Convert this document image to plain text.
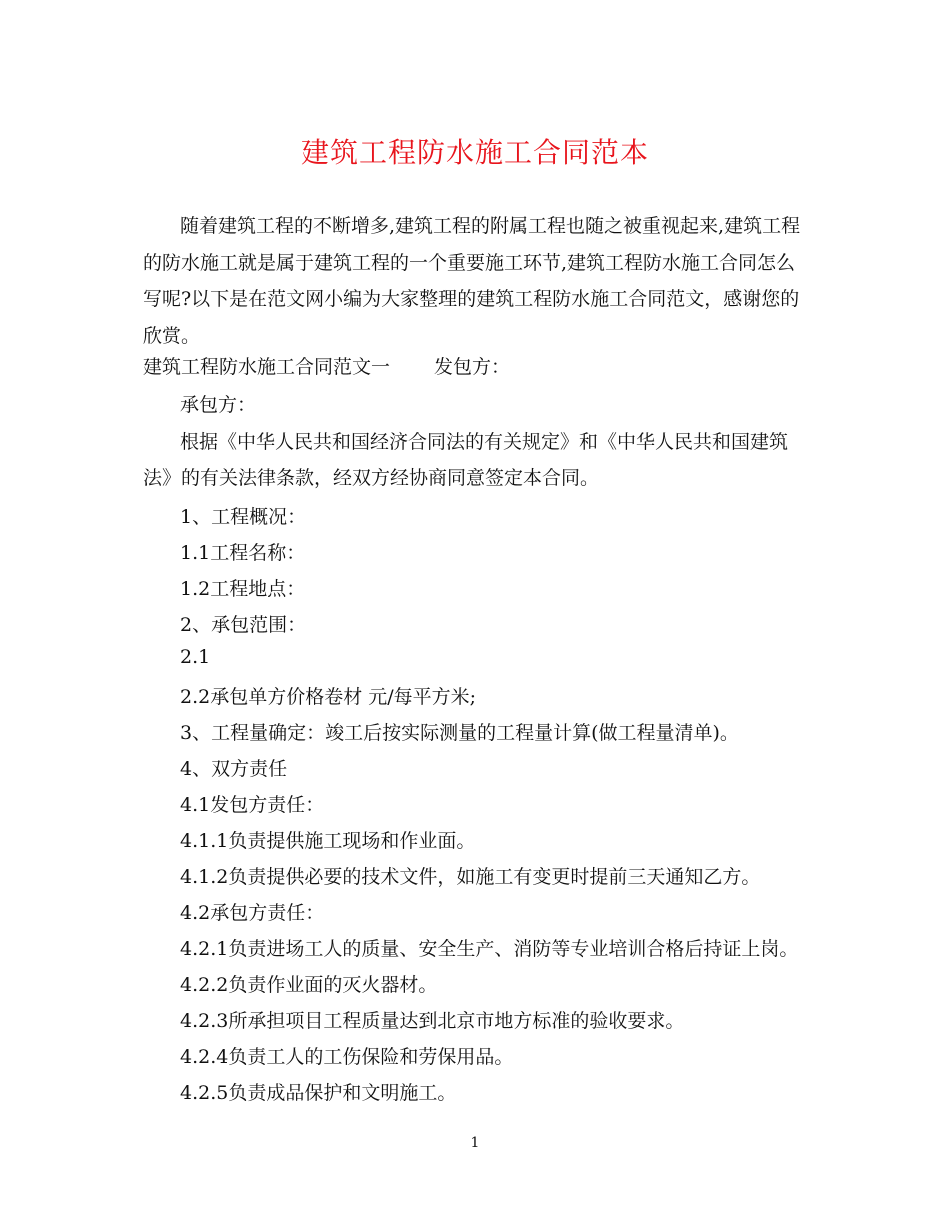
建筑工程防水施工合同范本
随着建筑工程的不断增多,建筑工程的附属工程也随之被重视起来,建筑工程的防水施工就是属于建筑工程的一个重要施工环节,建筑工程防水施工合同怎么写呢?以下是在范文网小编为大家整理的建筑工程防水施工合同范文，感谢您的欣赏。
建筑工程防水施工合同范文一　　 发包方：
承包方：
根据《中华人民共和国经济合同法的有关规定》和《中华人民共和国建筑
法》的有关法律条款，经双方经协商同意签定本合同。
1、工程概况：
1.1工程名称：
1.2工程地点：
2、承包范围：
2.1
2.2承包单方价格卷材 元/每平方米;
3、工程量确定：竣工后按实际测量的工程量计算(做工程量清单)。
4、双方责任
4.1发包方责任：
4.1.1负责提供施工现场和作业面。
4.1.2负责提供必要的技术文件，如施工有变更时提前三天通知乙方。
4.2承包方责任：
4.2.1负责进场工人的质量、安全生产、消防等专业培训合格后持证上岗。
4.2.2负责作业面的灭火器材。
4.2.3所承担项目工程质量达到北京市地方标准的验收要求。
4.2.4负责工人的工伤保险和劳保用品。
4.2.5负责成品保护和文明施工。
1
